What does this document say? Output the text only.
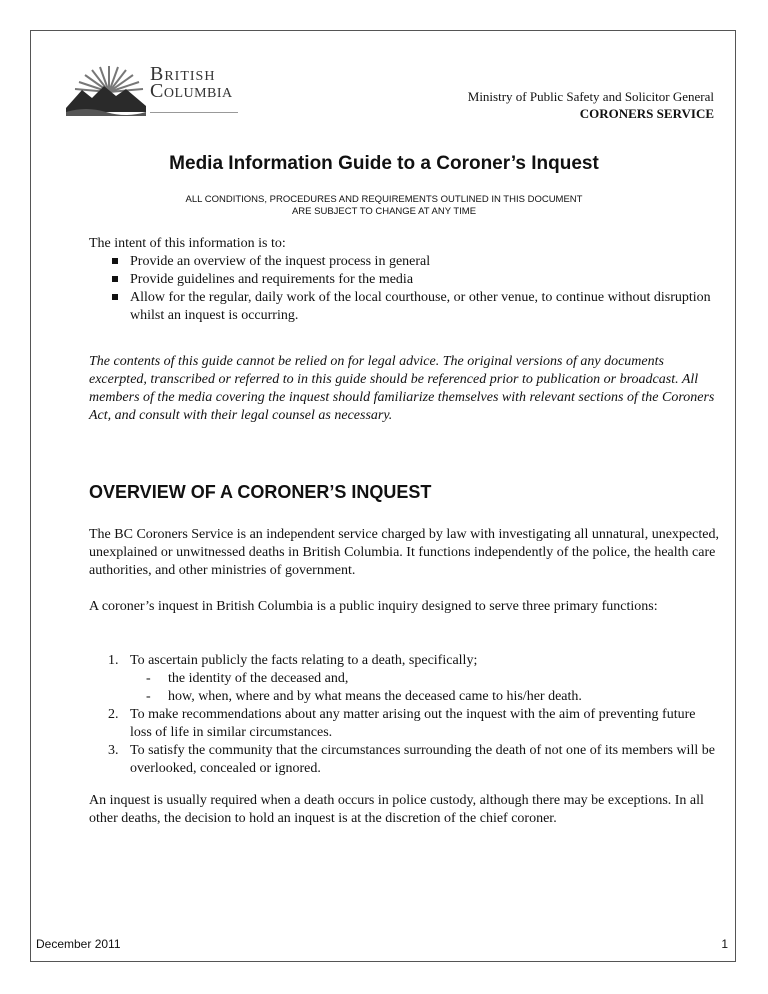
British
Columbia	Ministry of Public Safety and Solicitor General
CORONERS SERVICE
Media Information Guide to a Coroner’s Inquest
ALL CONDITIONS, PROCEDURES AND REQUIREMENTS OUTLINED IN THIS DOCUMENT
ARE SUBJECT TO CHANGE AT ANY TIME
The intent of this information is to:
Provide an overview of the inquest process in general
Provide guidelines and requirements for the media
Allow for the regular, daily work of the local courthouse, or other venue, to continue without disruption whilst an inquest is occurring.
The contents of this guide cannot be relied on for legal advice. The original versions of any documents excerpted, transcribed or referred to in this guide should be referenced prior to publication or broadcast. All members of the media covering the inquest should familiarize themselves with relevant sections of the Coroners Act, and consult with their legal counsel as necessary.
OVERVIEW OF A CORONER’S INQUEST
The BC Coroners Service is an independent service charged by law with investigating all unnatural, unexpected, unexplained or unwitnessed deaths in British Columbia. It functions independently of the police, the health care authorities, and other ministries of government.
A coroner’s inquest in British Columbia is a public inquiry designed to serve three primary functions:
1. To ascertain publicly the facts relating to a death, specifically;
- the identity of the deceased and,
- how, when, where and by what means the deceased came to his/her death.
2. To make recommendations about any matter arising out the inquest with the aim of preventing future loss of life in similar circumstances.
3. To satisfy the community that the circumstances surrounding the death of not one of its members will be overlooked, concealed or ignored.
An inquest is usually required when a death occurs in police custody, although there may be exceptions. In all other deaths, the decision to hold an inquest is at the discretion of the chief coroner.
December 2011	1
